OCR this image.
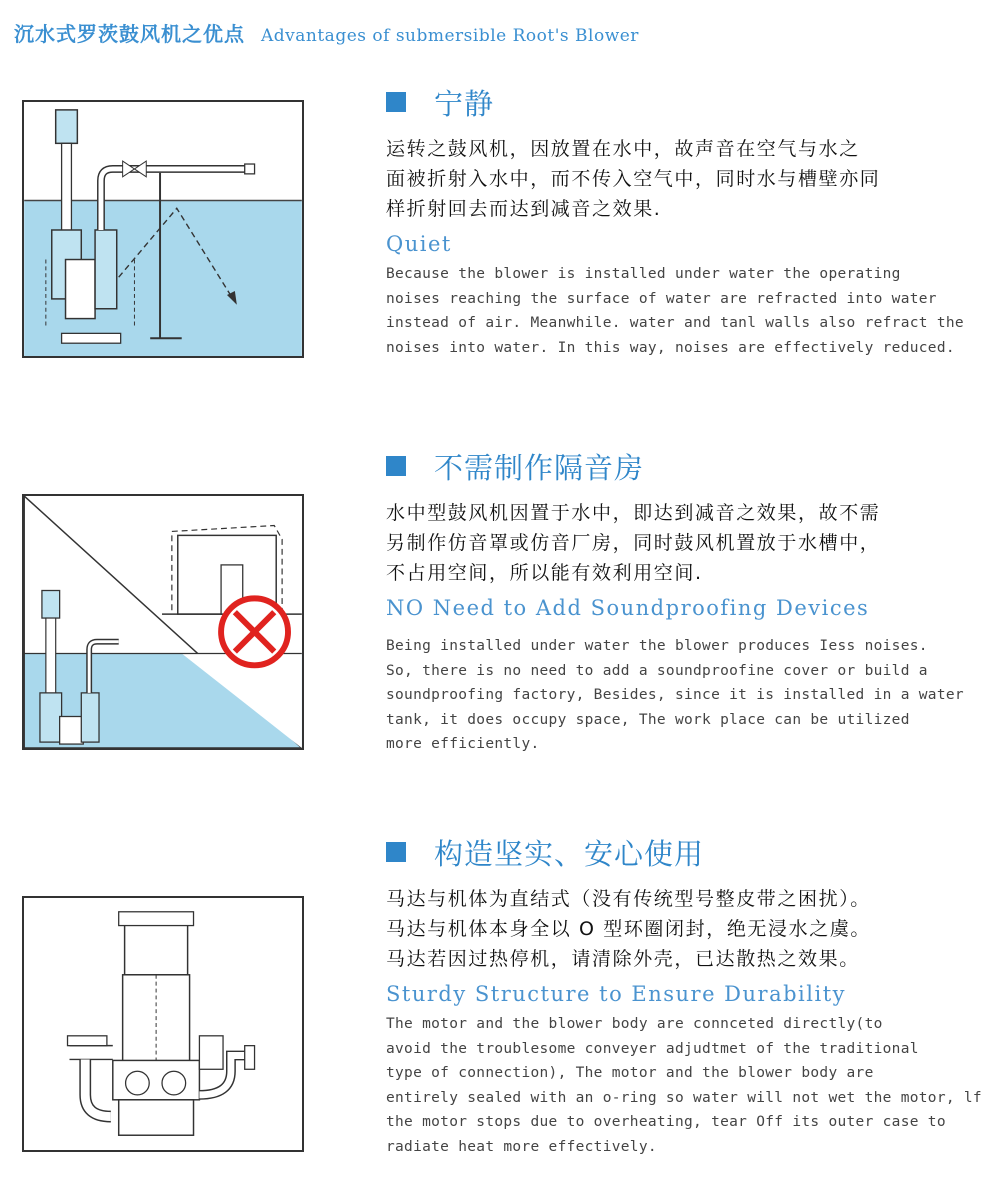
沉水式罗茨鼓风机之优点 Advantages of submersible Root's Blower
宁静
运转之鼓风机，因放置在水中，故声音在空气与水之
面被折射入水中，而不传入空气中，同时水与槽壁亦同
样折射回去而达到减音之效果.
Quiet
Because the blower is installed under water the operating
noises reaching the surface of water are refracted into water
instead of air. Meanwhile. water and tanl walls also refract the
noises into water. In this way, noises are effectively reduced.
不需制作隔音房
水中型鼓风机因置于水中，即达到减音之效果，故不需
另制作仿音罩或仿音厂房，同时鼓风机置放于水槽中，
不占用空间，所以能有效利用空间.
NO Need to Add Soundproofing Devices
Being installed under water the blower produces Iess noises.
So, there is no need to add a soundproofine cover or build a
soundproofing factory, Besides, since it is installed in a water
tank, it does occupy space, The work place can be utilized
more efficiently.
构造坚实、安心使用
马达与机体为直结式（没有传统型号整皮带之困扰）。
马达与机体本身全以 O 型环圈闭封，绝无浸水之虞。
马达若因过热停机，请清除外壳，已达散热之效果。
Sturdy Structure to Ensure Durability
The motor and the blower body are connceted directly(to
avoid the troublesome conveyer adjudtmet of the traditional
type of connection), The motor and the blower body are
entirely sealed with an o-ring so water will not wet the motor, lf
the motor stops due to overheating, tear Off its outer case to
radiate heat more effectively.
